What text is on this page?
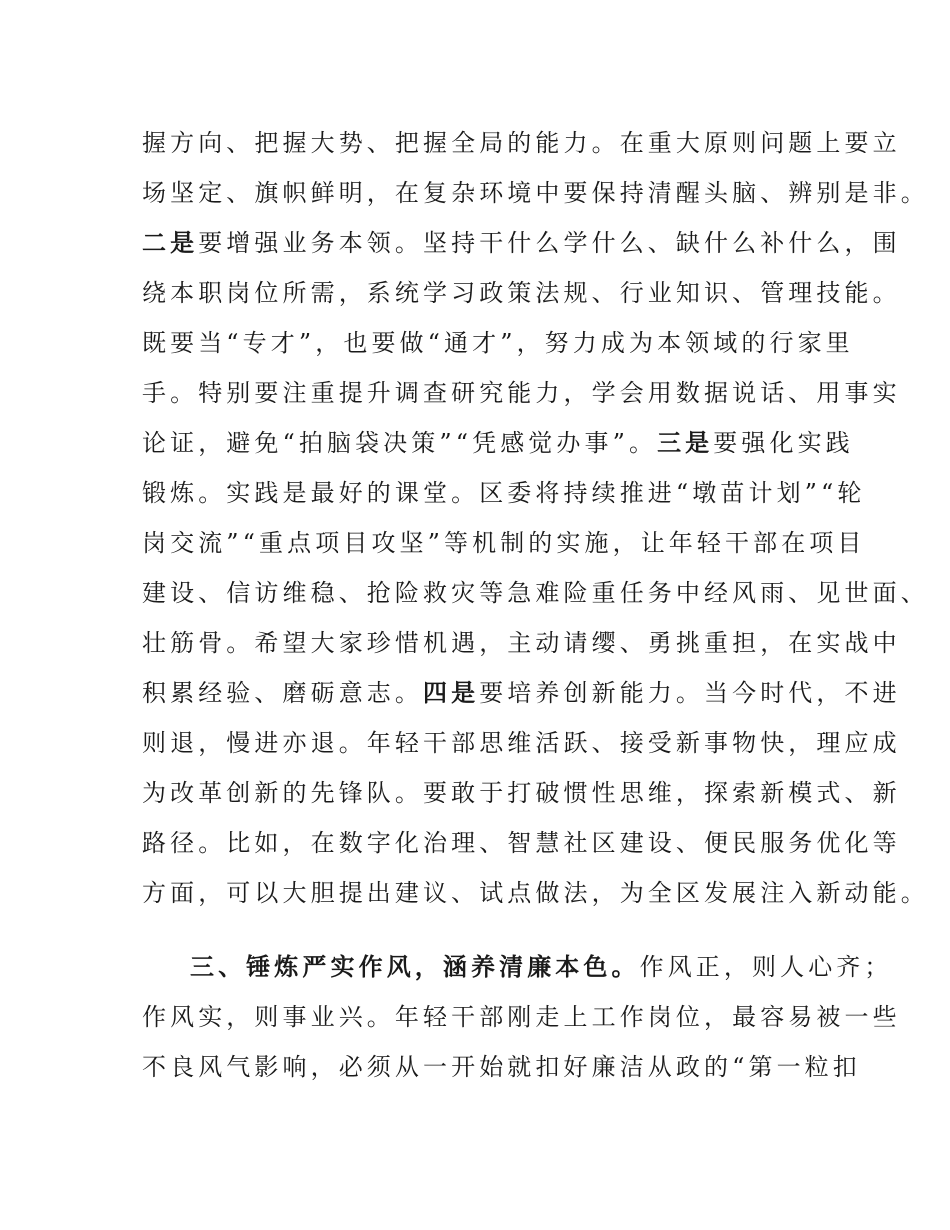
握方向、把握大势、把握全局的能力。在重大原则问题上要立
场坚定、旗帜鲜明，在复杂环境中要保持清醒头脑、辨别是非。
二是要增强业务本领。坚持干什么学什么、缺什么补什么，围
绕本职岗位所需，系统学习政策法规、行业知识、管理技能。
既要当“专才”，也要做“通才”，努力成为本领域的行家里
手。特别要注重提升调查研究能力，学会用数据说话、用事实
论证，避免“拍脑袋决策”“凭感觉办事”。三是要强化实践
锻炼。实践是最好的课堂。区委将持续推进“墩苗计划”“轮
岗交流”“重点项目攻坚”等机制的实施，让年轻干部在项目
建设、信访维稳、抢险救灾等急难险重任务中经风雨、见世面、
壮筋骨。希望大家珍惜机遇，主动请缨、勇挑重担，在实战中
积累经验、磨砺意志。四是要培养创新能力。当今时代，不进
则退，慢进亦退。年轻干部思维活跃、接受新事物快，理应成
为改革创新的先锋队。要敢于打破惯性思维，探索新模式、新
路径。比如，在数字化治理、智慧社区建设、便民服务优化等
方面，可以大胆提出建议、试点做法，为全区发展注入新动能。
三、锤炼严实作风，涵养清廉本色。作风正，则人心齐；
作风实，则事业兴。年轻干部刚走上工作岗位，最容易被一些
不良风气影响，必须从一开始就扣好廉洁从政的“第一粒扣
